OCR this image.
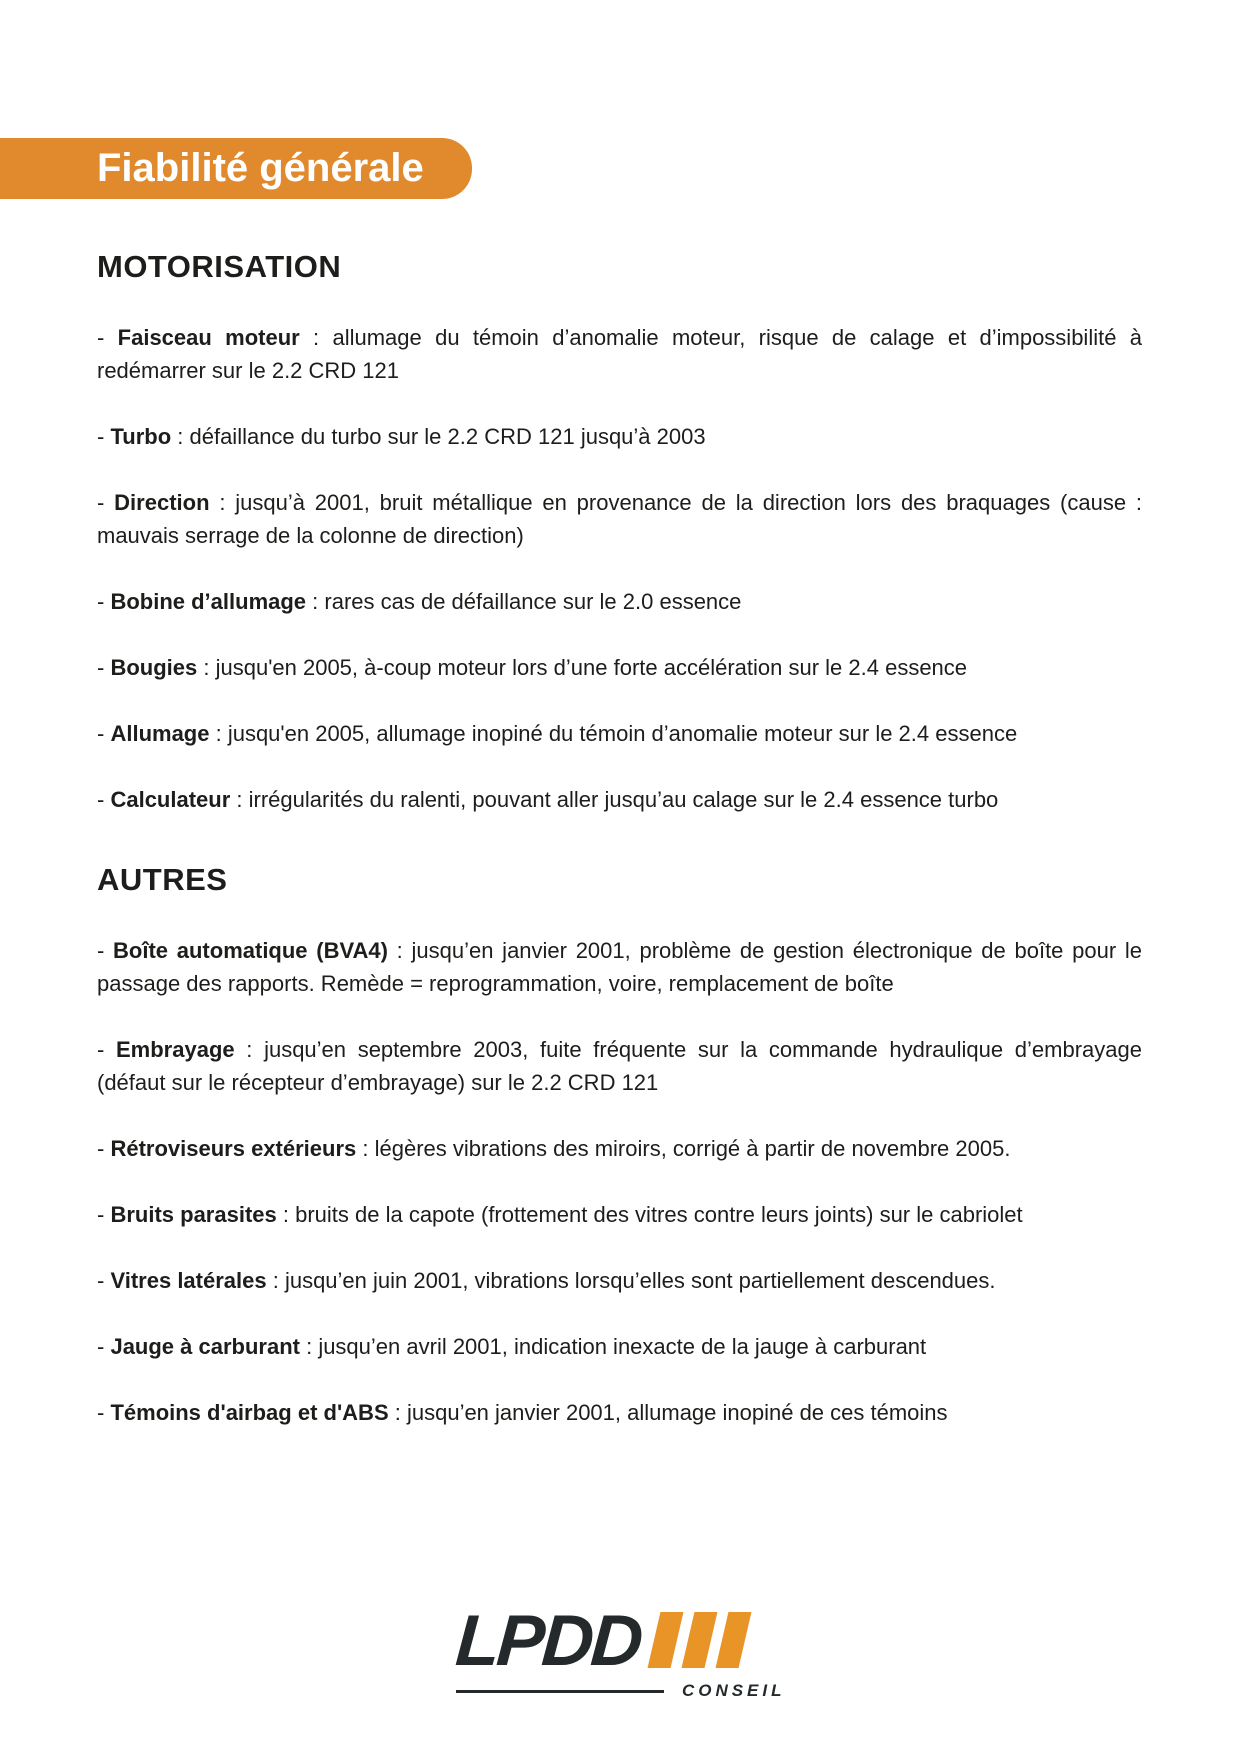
Fiabilité générale
MOTORISATION

- Faisceau moteur : allumage du témoin d’anomalie moteur, risque de calage et d’impossibilité à redémarrer sur le 2.2 CRD 121

- Turbo : défaillance du turbo sur le 2.2 CRD 121 jusqu’à 2003

- Direction : jusqu’à 2001, bruit métallique en provenance de la direction lors des braquages (cause : mauvais serrage de la colonne de direction)

- Bobine d’allumage : rares cas de défaillance sur le 2.0 essence

- Bougies : jusqu'en 2005, à-coup moteur lors d’une forte accélération sur le 2.4 essence

- Allumage : jusqu'en 2005, allumage inopiné du témoin d’anomalie moteur sur le 2.4 essence

- Calculateur : irrégularités du ralenti, pouvant aller jusqu’au calage sur le 2.4 essence turbo

AUTRES

- Boîte automatique (BVA4) : jusqu’en janvier 2001, problème de gestion électronique de boîte pour le passage des rapports. Remède = reprogrammation, voire, remplacement de boîte

- Embrayage : jusqu’en septembre 2003, fuite fréquente sur la commande hydraulique d’embrayage (défaut sur le récepteur d’embrayage) sur le 2.2 CRD 121

- Rétroviseurs extérieurs : légères vibrations des miroirs, corrigé à partir de novembre 2005.

- Bruits parasites : bruits de la capote (frottement des vitres contre leurs joints) sur le cabriolet

- Vitres latérales : jusqu’en juin 2001, vibrations lorsqu’elles sont partiellement descendues.

- Jauge à carburant : jusqu’en avril 2001, indication inexacte de la jauge à carburant

- Témoins d'airbag et d'ABS : jusqu’en janvier 2001, allumage inopiné de ces témoins

LPDD
CONSEIL
